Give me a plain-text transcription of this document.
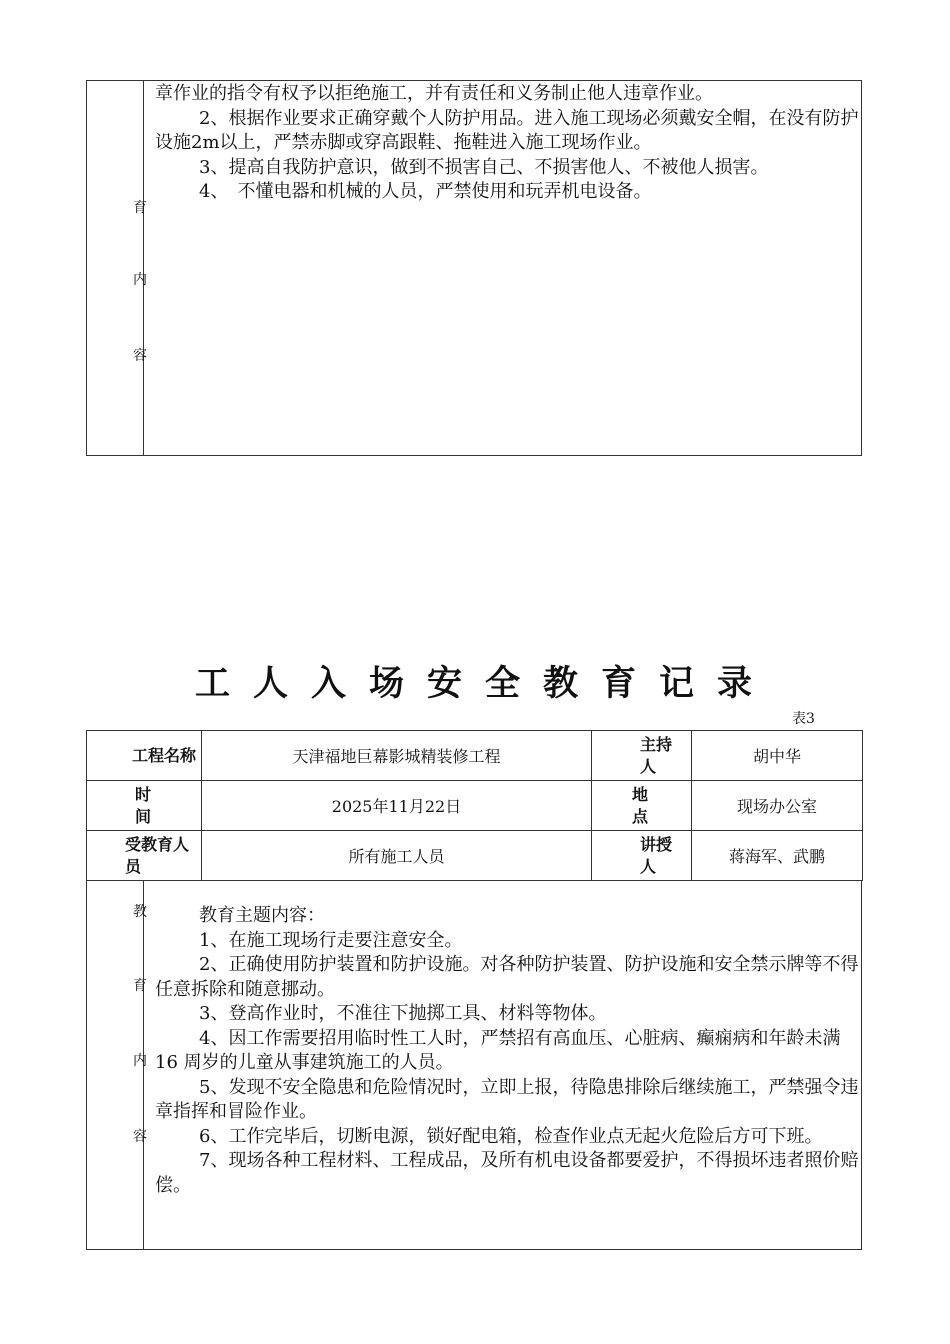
育
内
容

章作业的指令有权予以拒绝施工，并有责任和义务制止他人违章作业。

2、根据作业要求正确穿戴个人防护用品。进入施工现场必须戴安全帽，在没有防护设施2m以上，严禁赤脚或穿高跟鞋、拖鞋进入施工现场作业。

3、提高自我防护意识，做到不损害自己、不损害他人、不被他人损害。

4、　不懂电器和机械的人员，严禁使用和玩弄机电设备。

工人入场安全教育记录
表3
工程名称	天津福地巨幕影城精装修工程	主持人	胡中华
时间	2025年11月22日	地点	现场办公室
受教育人员	所有施工人员	讲授人	蒋海军、武鹏
教
育
内
容

教育主题内容：

1、在施工现场行走要注意安全。

2、正确使用防护装置和防护设施。对各种防护装置、防护设施和安全禁示牌等不得任意拆除和随意挪动。

3、登高作业时，不准往下抛掷工具、材料等物体。

4、因工作需要招用临时性工人时，严禁招有高血压、心脏病、癫痫病和年龄未满16 周岁的儿童从事建筑施工的人员。

5、发现不安全隐患和危险情况时，立即上报，待隐患排除后继续施工，严禁强令违章指挥和冒险作业。

6、工作完毕后，切断电源，锁好配电箱，检查作业点无起火危险后方可下班。

7、现场各种工程材料、工程成品，及所有机电设备都要爱护，不得损坏违者照价赔偿。
